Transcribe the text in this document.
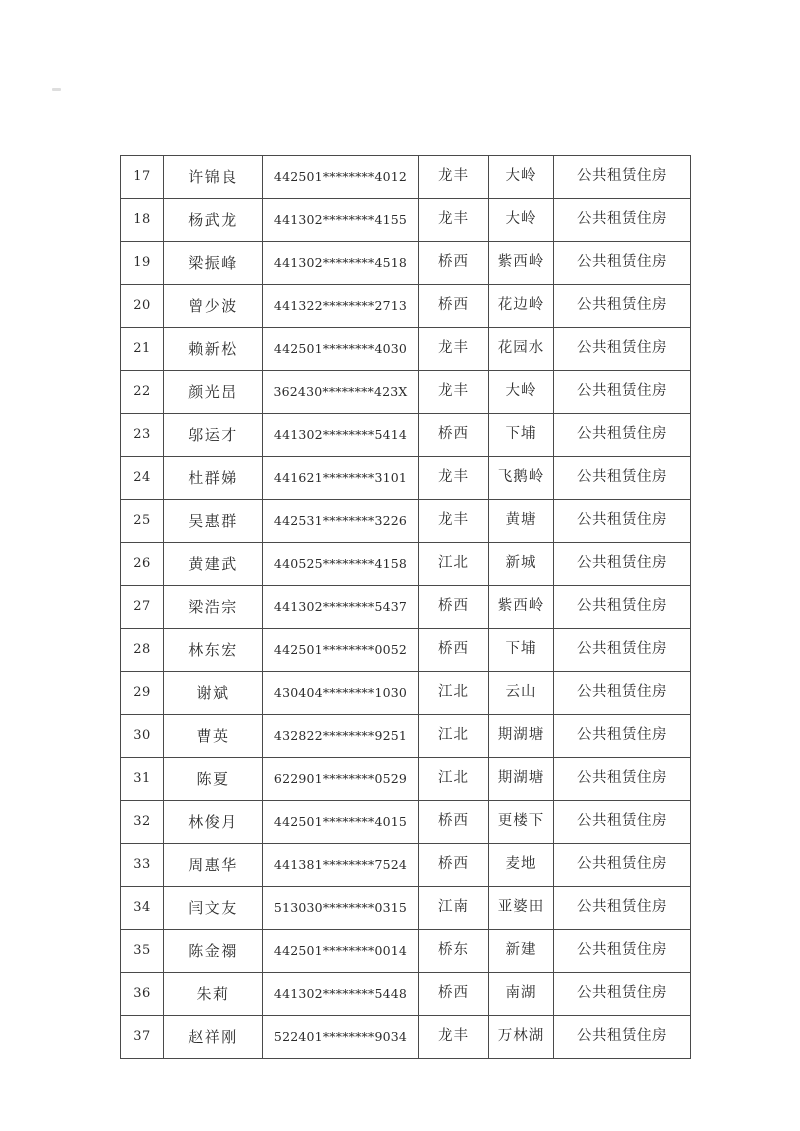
17	许锦良	442501********4012	龙丰	大岭	公共租赁住房
18	杨武龙	441302********4155	龙丰	大岭	公共租赁住房
19	梁振峰	441302********4518	桥西	紫西岭	公共租赁住房
20	曾少波	441322********2713	桥西	花边岭	公共租赁住房
21	赖新松	442501********4030	龙丰	花园水	公共租赁住房
22	颜光旵	362430********423X	龙丰	大岭	公共租赁住房
23	邬运才	441302********5414	桥西	下埔	公共租赁住房
24	杜群娣	441621********3101	龙丰	飞鹅岭	公共租赁住房
25	吴惠群	442531********3226	龙丰	黄塘	公共租赁住房
26	黄建武	440525********4158	江北	新城	公共租赁住房
27	梁浩宗	441302********5437	桥西	紫西岭	公共租赁住房
28	林东宏	442501********0052	桥西	下埔	公共租赁住房
29	谢斌	430404********1030	江北	云山	公共租赁住房
30	曹英	432822********9251	江北	期湖塘	公共租赁住房
31	陈夏	622901********0529	江北	期湖塘	公共租赁住房
32	林俊月	442501********4015	桥西	更楼下	公共租赁住房
33	周惠华	441381********7524	桥西	麦地	公共租赁住房
34	闫文友	513030********0315	江南	亚婆田	公共租赁住房
35	陈金禤	442501********0014	桥东	新建	公共租赁住房
36	朱莉	441302********5448	桥西	南湖	公共租赁住房
37	赵祥刚	522401********9034	龙丰	万林湖	公共租赁住房
